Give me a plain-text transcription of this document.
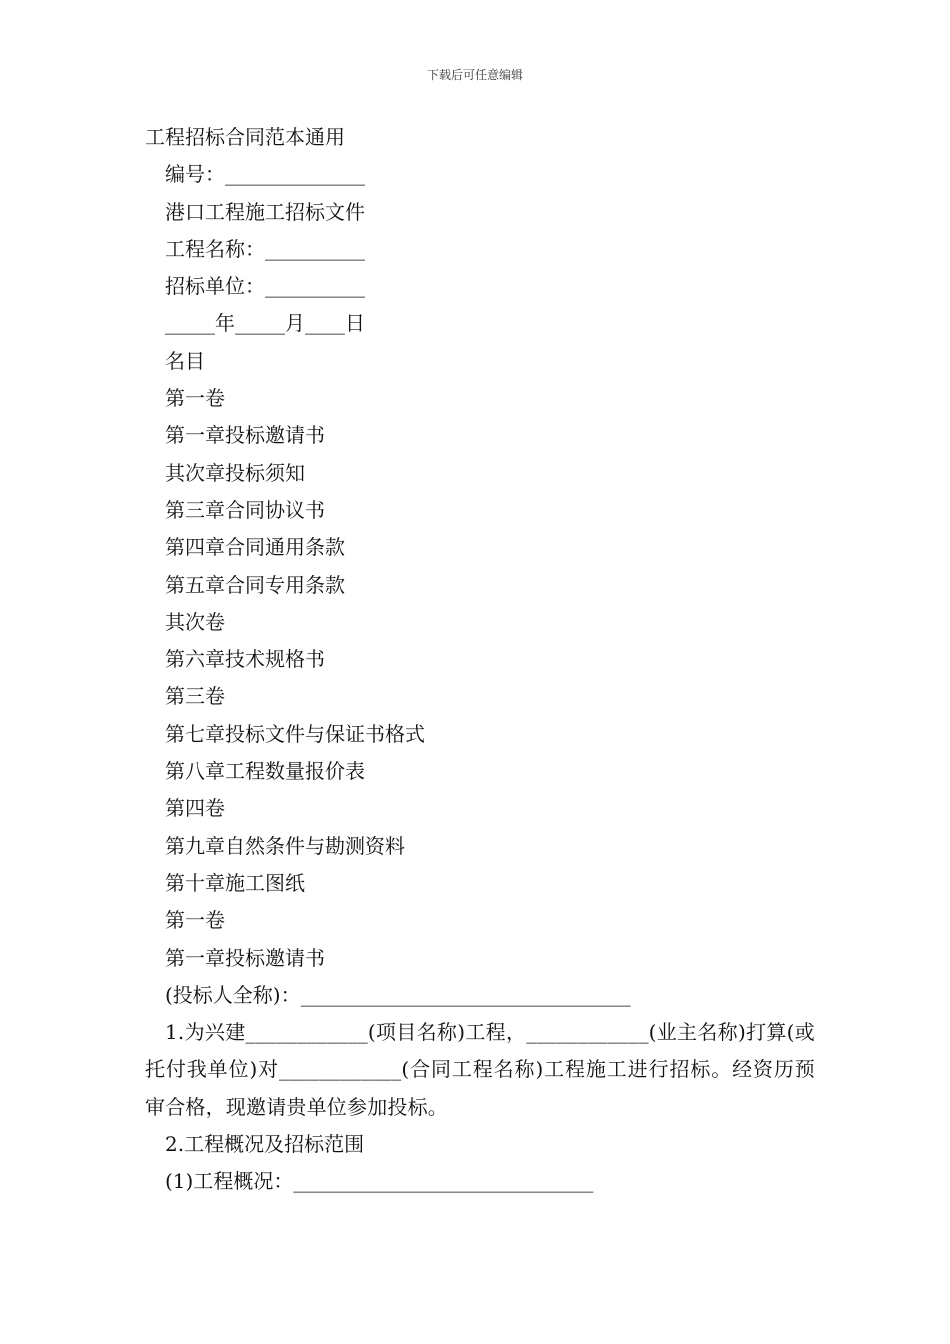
下载后可任意编辑
工程招标合同范本通用
编号：______________
港口工程施工招标文件
工程名称：__________
招标单位：__________
_____年_____月____日
名目
第一卷
第一章投标邀请书
其次章投标须知
第三章合同协议书
第四章合同通用条款
第五章合同专用条款
其次卷
第六章技术规格书
第三卷
第七章投标文件与保证书格式
第八章工程数量报价表
第四卷
第九章自然条件与勘测资料
第十章施工图纸
第一卷
第一章投标邀请书
(投标人全称)：_________________________________
1.为兴建____________(项目名称)工程，____________(业主名称)打算(或托付我单位)对____________(合同工程名称)工程施工进行招标。经资历预审合格，现邀请贵单位参加投标。
2.工程概况及招标范围
(1)工程概况：______________________________
